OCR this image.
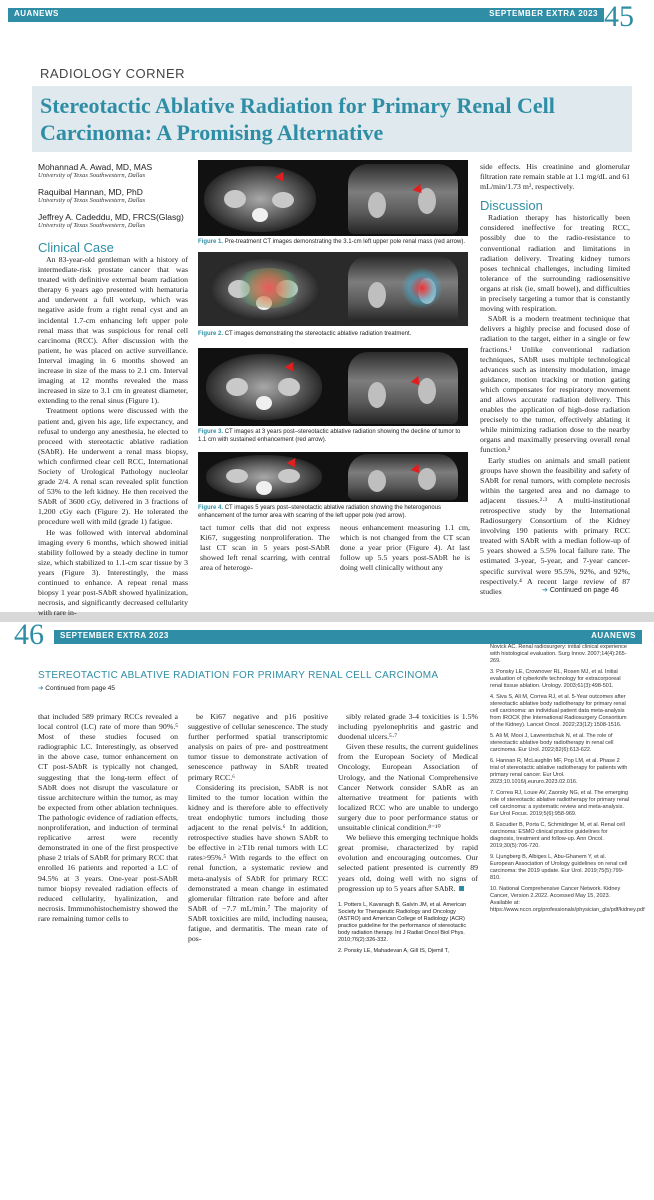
AUANEWS	SEPTEMBER EXTRA 2023 45
RADIOLOGY CORNER
Stereotactic Ablative Radiation for Primary Renal Cell Carcinoma: A Promising Alternative
Mohannad A. Awad, MD, MAS
University of Texas Southwestern, Dallas
Raquibal Hannan, MD, PhD
University of Texas Southwestern, Dallas
Jeffrey A. Cadeddu, MD, FRCS(Glasg)
University of Texas Southwestern, Dallas
Clinical Case

An 83-year-old gentleman with a history of intermediate-risk prostate cancer that was treated with definitive external beam radiation therapy 6 years ago presented with hematuria and underwent a full workup, which was negative aside from a right renal cyst and an incidental 1.7-cm enhancing left upper pole renal mass that was suspicious for renal cell carcinoma (RCC). After discussion with the patient, he was placed on active surveillance. Interval imaging in 6 months showed an increase in size of the mass to 2.1 cm. Interval imaging at 12 months revealed the mass increased in size to 3.1 cm in greatest diameter, extending to the renal sinus (Figure 1).

Treatment options were discussed with the patient and, given his age, life expectancy, and refusal to undergo any anesthesia, he elected to proceed with stereotactic ablative radiation (SAbR). He underwent a renal mass biopsy, which confirmed clear cell RCC, International Society of Urological Pathology nucleolar grade 2/4. A renal scan revealed split function of 53% to the left kidney. He then received the SAbR of 3600 cGy, delivered in 3 fractions of 1,200 cGy each (Figure 2). He tolerated the procedure well with mild (grade 1) fatigue.

He was followed with interval abdominal imaging every 6 months, which showed initial stability followed by a steady decline in tumor size, which stabilized to 1.1-cm scar tissue by 3 years (Figure 3). Interestingly, the mass continued to enhance. A repeat renal mass biopsy 1 year post-SAbR showed hyalinization, necrosis, and significantly decreased cellularity with rare in-

Figure 1. Pre-treatment CT images demonstrating the 3.1-cm left upper pole renal mass (red arrow).
Figure 2. CT images demonstrating the stereotactic ablative radiation treatment.
Figure 3. CT images at 3 years post–stereotactic ablative radiation showing the decline of tumor to 1.1 cm with sustained enhancement (red arrow).
Figure 4. CT images 5 years post–stereotactic ablative radiation showing the heterogenous enhancement of the tumor area with scarring of the left upper pole (red arrow).
tact tumor cells that did not express Ki67, suggesting nonproliferation. The last CT scan in 5 years post-SAbR showed left renal scarring, with central area of heteroge-
neous enhancement measuring 1.1 cm, which is not changed from the CT scan done a year prior (Figure 4). At last follow up 5.5 years post-SAbR he is doing well clinically without any
side effects. His creatinine and glomerular filtration rate remain stable at 1.1 mg/dL and 61 mL/min/1.73 m², respectively.
Discussion

Radiation therapy has historically been considered ineffective for treating RCC, possibly due to the radio-resistance to conventional radiation and limitations in radiation delivery. Treating kidney tumors poses technical challenges, including limited tolerance of the surrounding radiosensitive organs at risk (ie, small bowel), and difficulties in precisely targeting a tumor that is constantly moving with respiration.

SAbR is a modern treatment technique that delivers a highly precise and focused dose of radiation to the target, either in a single or few fractions.¹ Unlike conventional radiation techniques, SAbR uses multiple technological advances such as intensity modulation, image guidance, motion tracking or motion gating which compensates for respiratory movement and allows accurate radiation delivery. This enables the application of high-dose radiation precisely to the tumor, effectively ablating it while minimizing radiation dose to the nearby organs and maximally preserving overall renal function.²

Early studies on animals and small patient groups have shown the feasibility and safety of SAbR for renal tumors, with complete necrosis within the targeted area and no damage to adjacent tissues.²·³ A multi-institutional retrospective study by the International Radiosurgery Consortium of the Kidney involving 190 patients with primary RCC treated with SAbR with a median follow-up of 5 years showed a 5.5% local failure rate. The estimated 3-year, 5-year, and 7-year cancer-specific survival were 95.5%, 92%, and 92%, respectively.⁴ A recent large review of 87 studies	➔ Continued on page 46
46 SEPTEMBER EXTRA 2023	AUANEWS
STEREOTACTIC ABLATIVE RADIATION FOR PRIMARY RENAL CELL CARCINOMA
➔ Continued from page 45
that included 589 primary RCCs revealed a local control (LC) rate of more than 90%.⁵ Most of these studies focused on radiographic LC. Interestingly, as observed in the above case, tumor enhancement on CT post-SAbR is typically not changed, suggesting that the long-term effect of SAbR does not disrupt the vasculature or tissue architecture within the tumor, as may be expected from other ablation techniques. The pathologic evidence of radiation effects, nonproliferation, and induction of terminal replicative arrest were recently demonstrated in one of the first prospective phase 2 trials of SAbR for primary RCC that enrolled 16 patients and reported a LC of 94.5% at 3 years. One-year post-SAbR tumor biopsy revealed radiation effects of reduced cellularity, hyalinization, and necrosis. Immunohistochemistry showed the rare remaining tumor cells to

be Ki67 negative and p16 positive suggestive of cellular senescence. The study further performed spatial transcriptomic analysis on pairs of pre- and posttreatment tumor tissue to demonstrate activation of senescence pathway in SAbR treated primary RCC.⁶

Considering its precision, SAbR is not limited to the tumor location within the kidney and is therefore able to effectively treat endophytic tumors including those adjacent to the renal pelvis.⁶ In addition, retrospective studies have shown SAbR to be effective in ≥T1b renal tumors with LC rates>95%.⁵ With regards to the effect on renal function, a systematic review and meta-analysis of SAbR for primary RCC demonstrated a mean change in estimated glomerular filtration rate before and after SAbR of −7.7 mL/min.⁷ The majority of SAbR toxicities are mild, including nausea, fatigue, and dermatitis. The mean rate of pos-

sibly related grade 3-4 toxicities is 1.5% including pyelonephritis and gastric and duodenal ulcers.⁵·⁷

Given these results, the current guidelines from the European Society of Medical Oncology, European Association of Urology, and the National Comprehensive Cancer Network consider SAbR as an alternative treatment for patients with localized RCC who are unable to undergo surgery due to poor performance status or unsuitable clinical condition.⁸⁻¹⁰

We believe this emerging technique holds great promise, characterized by rapid evolution and encouraging outcomes. Our selected patient presented is currently 89 years old, doing well with no signs of progression up to 5 years after SAbR.

1. Potters L, Kavanagh B, Galvin JM, et al. American Society for Therapeutic Radiology and Oncology (ASTRO) and American College of Radiology (ACR) practice guideline for the performance of stereotactic body radiation therapy. Int J Radiat Oncol Biol Phys. 2010;76(2):326-332.
2. Ponsky LE, Mahadevan A, Gill IS, Djemil T,
Novick AC. Renal radiosurgery: initial clinical experience with histological evaluation. Surg Innov. 2007;14(4):265-269.
3. Ponsky LE, Crownover RL, Rosen MJ, et al. Initial evaluation of cyberknife technology for extracorporeal renal tissue ablation. Urology. 2003;61(3):498-501.
4. Siva S, Ali M, Correa RJ, et al. 5-Year outcomes after stereotactic ablative body radiotherapy for primary renal cell carcinoma: an individual patient data meta-analysis from IROCK (the International Radiosurgery Consortium of the Kidney). Lancet Oncol. 2022;23(12):1508-1516.
5. Ali M, Mooi J, Lawrentschuk N, et al. The role of stereotactic ablative body radiotherapy in renal cell carcinoma. Eur Urol. 2022;82(6):613-622.
6. Hannan R, McLaughlin MF, Pop LM, et al. Phase 2 trial of stereotactic ablative radiotherapy for patients with primary renal cancer. Eur Urol. 2023;10.1016/j.eururo.2023.02.016.
7. Correa RJ, Louie AV, Zaorsky NG, et al. The emerging role of stereotactic ablative radiotherapy for primary renal cell carcinoma: a systematic review and meta-analysis. Eur Urol Focus. 2019;5(6):958-969.
8. Escudier B, Porta C, Schmidinger M, et al. Renal cell carcinoma: ESMO clinical practice guidelines for diagnosis, treatment and follow-up. Ann Oncol. 2019;30(5):706-720.
9. Ljungberg B, Albiges L, Abu-Ghanem Y, et al. European Association of Urology guidelines on renal cell carcinoma: the 2019 update. Eur Urol. 2019;75(5):799-810.
10. National Comprehensive Cancer Network. Kidney Cancer, Version 2.2022. Accessed May 15, 2023. Available at: https://www.nccn.org/professionals/physician_gls/pdf/kidney.pdf
